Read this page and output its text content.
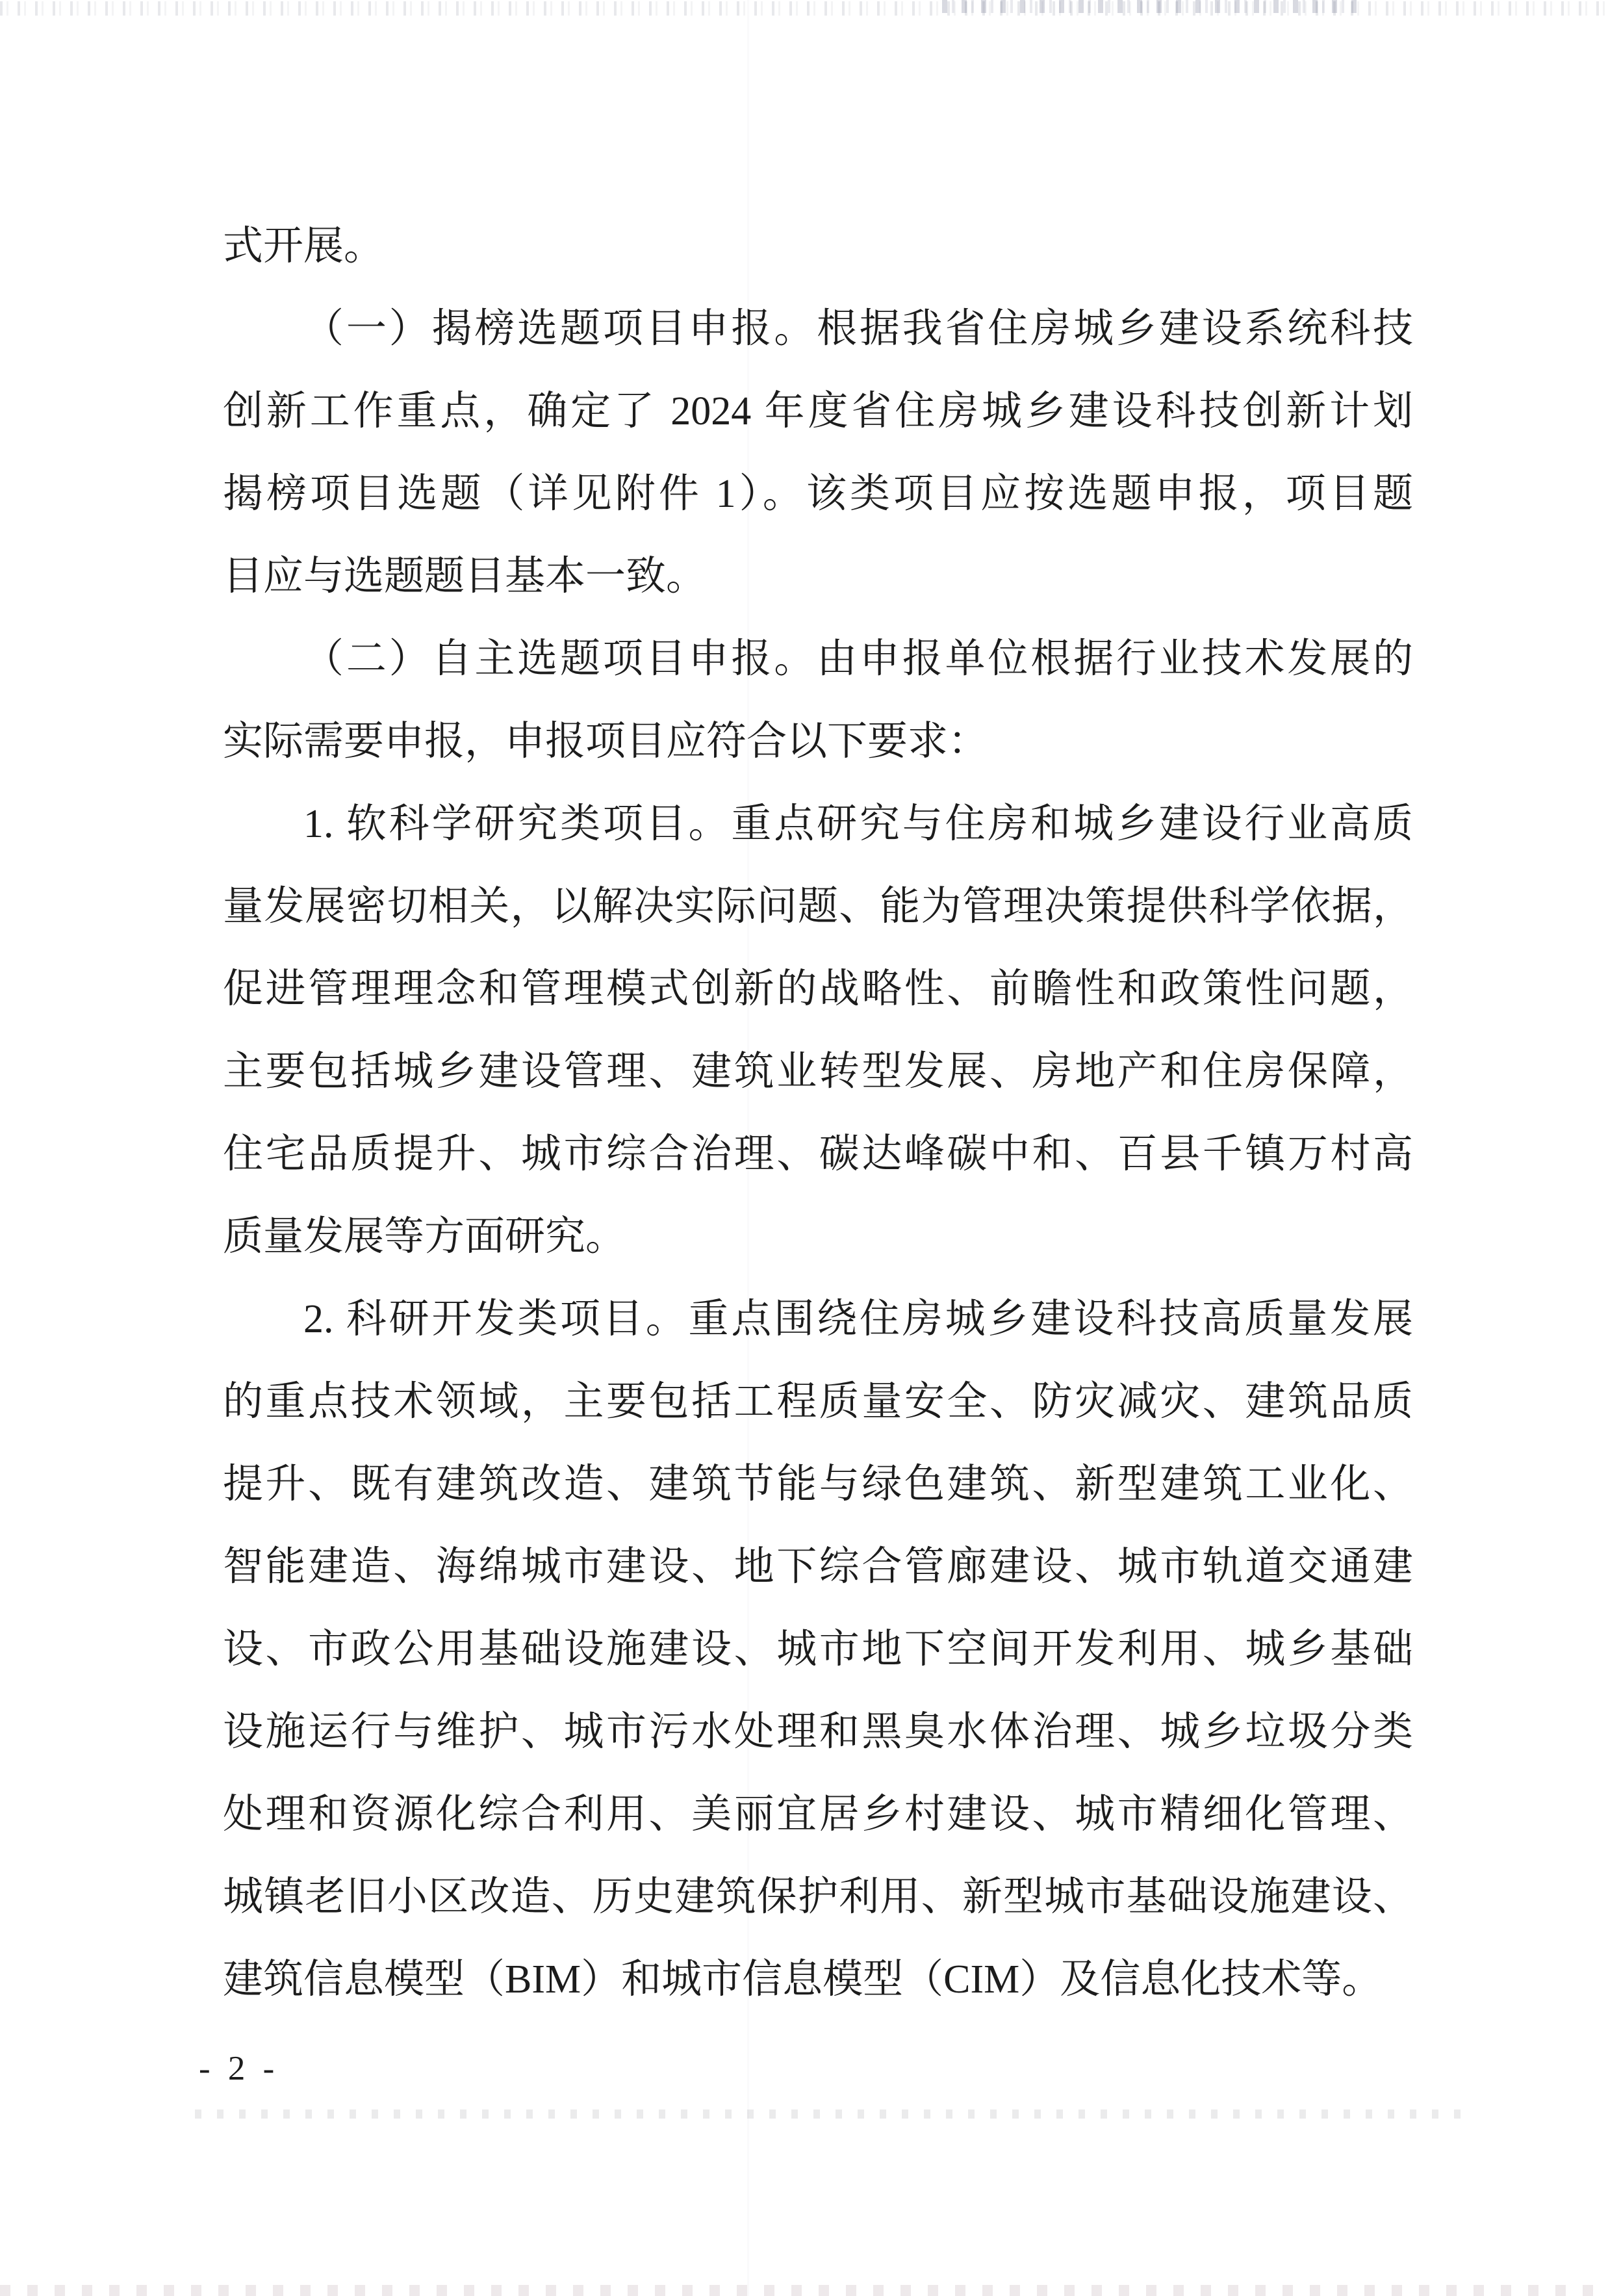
式开展。
（一）揭榜选题项目申报。根据我省住房城乡建设系统科技
创新工作重点，确定了 2024 年度省住房城乡建设科技创新计划
揭榜项目选题（详见附件 1）。该类项目应按选题申报，项目题
目应与选题题目基本一致。
（二）自主选题项目申报。由申报单位根据行业技术发展的
实际需要申报，申报项目应符合以下要求：
1. 软科学研究类项目。重点研究与住房和城乡建设行业高质
量发展密切相关，以解决实际问题、能为管理决策提供科学依据，
促进管理理念和管理模式创新的战略性、前瞻性和政策性问题，
主要包括城乡建设管理、建筑业转型发展、房地产和住房保障，
住宅品质提升、城市综合治理、碳达峰碳中和、百县千镇万村高
质量发展等方面研究。
2. 科研开发类项目。重点围绕住房城乡建设科技高质量发展
的重点技术领域，主要包括工程质量安全、防灾减灾、建筑品质
提升、既有建筑改造、建筑节能与绿色建筑、新型建筑工业化、
智能建造、海绵城市建设、地下综合管廊建设、城市轨道交通建
设、市政公用基础设施建设、城市地下空间开发利用、城乡基础
设施运行与维护、城市污水处理和黑臭水体治理、城乡垃圾分类
处理和资源化综合利用、美丽宜居乡村建设、城市精细化管理、
城镇老旧小区改造、历史建筑保护利用、新型城市基础设施建设、
建筑信息模型（BIM）和城市信息模型（CIM）及信息化技术等。
- 2 -
